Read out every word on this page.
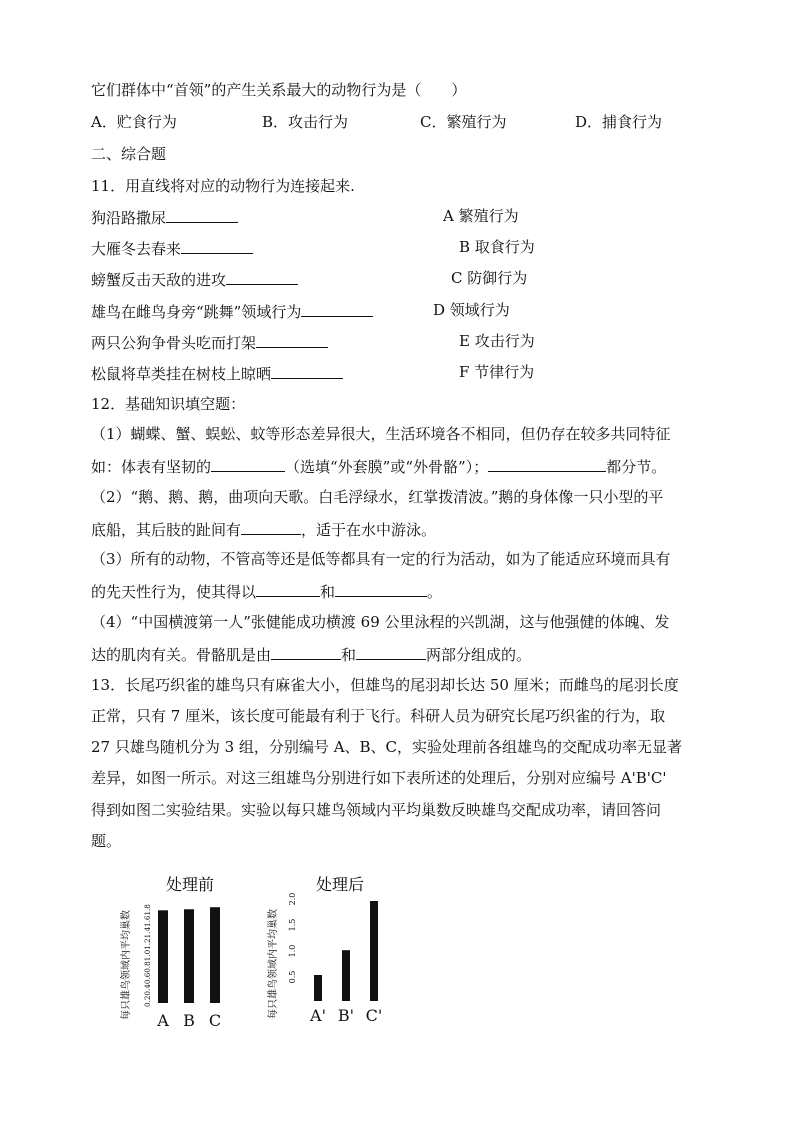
它们群体中“首领”的产生关系最大的动物行为是（　　）
A．贮食行为	B．攻击行为	C．繁殖行为	D．捕食行为
二、综合题
11．用直线将对应的动物行为连接起来.
狗沿路撒尿
大雁冬去春来
螃蟹反击天敌的进攻
雄鸟在雌鸟身旁“跳舞”领域行为
两只公狗争骨头吃而打架
松鼠将草类挂在树枝上晾晒
A 繁殖行为
B 取食行为
C 防御行为
D 领域行为
E 攻击行为
F 节律行为
12．基础知识填空题：
（1）蝴蝶、蟹、蜈蚣、蚊等形态差异很大，生活环境各不相同，但仍存在较多共同特征
如：体表有坚韧的	（选填“外套膜”或“外骨骼”）；	都分节。
（2）“鹅、鹅、鹅，曲项向天歌。白毛浮绿水，红掌拨清波。”鹅的身体像一只小型的平
底船，其后肢的趾间有	，适于在水中游泳。
（3）所有的动物，不管高等还是低等都具有一定的行为活动，如为了能适应环境而具有
的先天性行为，使其得以	和	。
（4）“中国横渡第一人”张健能成功横渡 69 公里泳程的兴凯湖，这与他强健的体魄、发
达的肌肉有关。骨骼肌是由	和	两部分组成的。
13．长尾巧织雀的雄鸟只有麻雀大小，但雄鸟的尾羽却长达 50 厘米；而雌鸟的尾羽长度
正常，只有 7 厘米，该长度可能最有利于飞行。科研人员为研究长尾巧织雀的行为，取
27 只雄鸟随机分为 3 组，分别编号 A、B、C，实验处理前各组雄鸟的交配成功率无显著
差异，如图一所示。对这三组雄鸟分别进行如下表所述的处理后，分别对应编号 A'B'C'
得到如图二实验结果。实验以每只雄鸟领域内平均巢数反映雄鸟交配成功率，请回答问
题。
处理前
每只雄鸟领域内平均巢数 0.20.40.60.81.01.21.41.61.8
A B C
处理后
每只雄鸟领域内平均巢数 0.5
1.0
1.5
2.0
A' B' C'
